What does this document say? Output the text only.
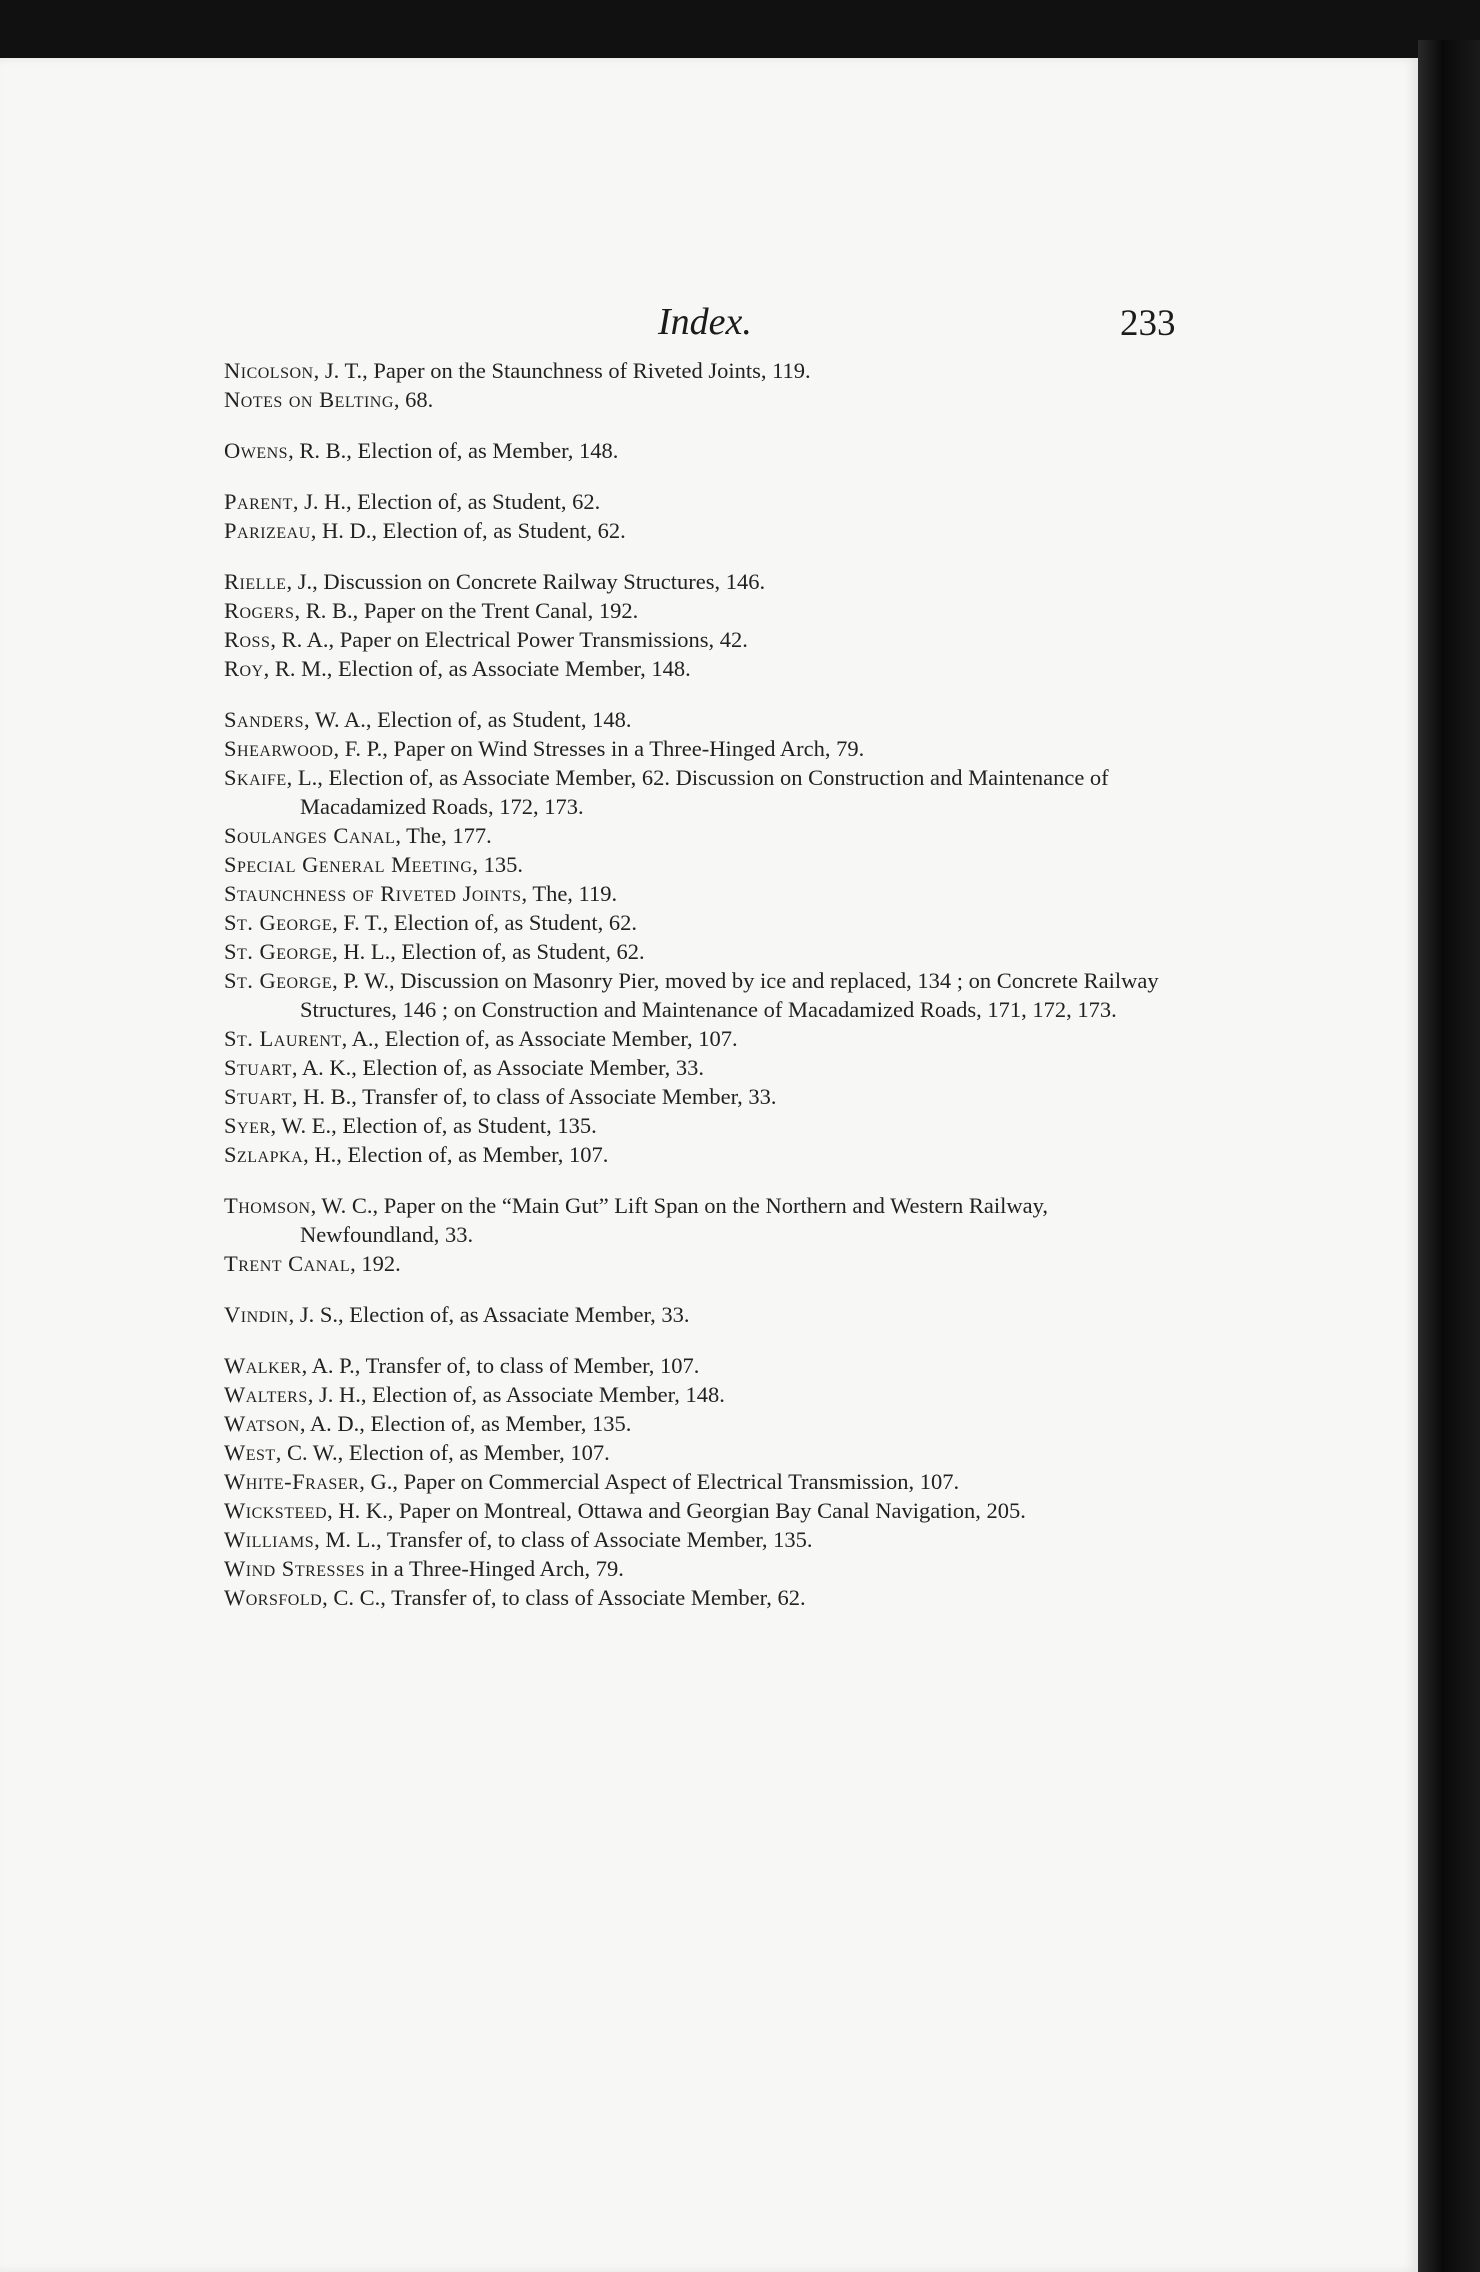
Index.	233
Nicolson, J. T., Paper on the Staunchness of Riveted Joints, 119.
Notes on Belting, 68.
Owens, R. B., Election of, as Member, 148.
Parent, J. H., Election of, as Student, 62.
Parizeau, H. D., Election of, as Student, 62.
Rielle, J., Discussion on Concrete Railway Structures, 146.
Rogers, R. B., Paper on the Trent Canal, 192.
Ross, R. A., Paper on Electrical Power Transmissions, 42.
Roy, R. M., Election of, as Associate Member, 148.
Sanders, W. A., Election of, as Student, 148.
Shearwood, F. P., Paper on Wind Stresses in a Three-Hinged Arch, 79.
Skaife, L., Election of, as Associate Member, 62. Discussion on Construction and Maintenance of Macadamized Roads, 172, 173.
Soulanges Canal, The, 177.
Special General Meeting, 135.
Staunchness of Riveted Joints, The, 119.
St. George, F. T., Election of, as Student, 62.
St. George, H. L., Election of, as Student, 62.
St. George, P. W., Discussion on Masonry Pier, moved by ice and replaced, 134 ; on Concrete Railway Structures, 146 ; on Construction and Maintenance of Macadamized Roads, 171, 172, 173.
St. Laurent, A., Election of, as Associate Member, 107.
Stuart, A. K., Election of, as Associate Member, 33.
Stuart, H. B., Transfer of, to class of Associate Member, 33.
Syer, W. E., Election of, as Student, 135.
Szlapka, H., Election of, as Member, 107.
Thomson, W. C., Paper on the “Main Gut” Lift Span on the Northern and Western Railway, Newfoundland, 33.
Trent Canal, 192.
Vindin, J. S., Election of, as Assaciate Member, 33.
Walker, A. P., Transfer of, to class of Member, 107.
Walters, J. H., Election of, as Associate Member, 148.
Watson, A. D., Election of, as Member, 135.
West, C. W., Election of, as Member, 107.
White-Fraser, G., Paper on Commercial Aspect of Electrical Transmission, 107.
Wickstеed, H. K., Paper on Montreal, Ottawa and Georgian Bay Canal Navigation, 205.
Williams, M. L., Transfer of, to class of Associate Member, 135.
Wind Stresses in a Three-Hinged Arch, 79.
Worsfold, C. C., Transfer of, to class of Associate Member, 62.
